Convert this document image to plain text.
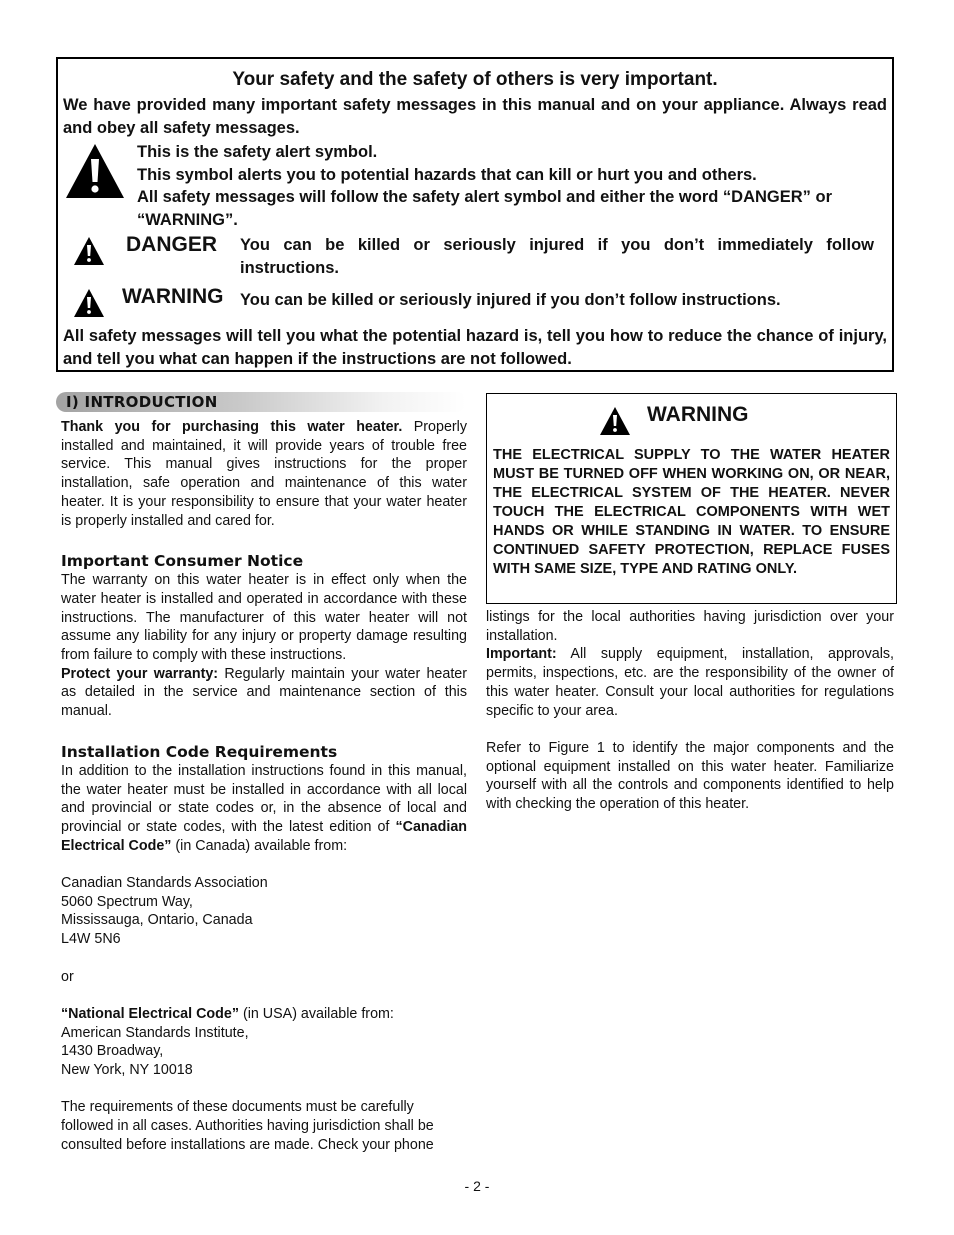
Your safety and the safety of others is very important.
We have provided many important safety messages in this manual and on your appliance. Always read and obey all safety messages.
This is the safety alert symbol.
This symbol alerts you to potential hazards that can kill or hurt you and others.
All safety messages will follow the safety alert symbol and either the word “DANGER” or “WARNING”.
DANGER You can be killed or seriously injured if you don’t immediately follow instructions.
WARNING You can be killed or seriously injured if you don’t follow instructions.
All safety messages will tell you what the potential hazard is, tell you how to reduce the chance of injury, and tell you what can happen if the instructions are not followed.
I) INTRODUCTION

Thank you for purchasing this water heater. Properly installed and maintained, it will provide years of trouble free service. This manual gives instructions for the proper installation, safe operation and maintenance of this water heater. It is your responsibility to ensure that your water heater is properly installed and cared for.

Important Consumer Notice

The warranty on this water heater is in effect only when the water heater is installed and operated in accordance with these instructions. The manufacturer of this water heater will not assume any liability for any injury or property damage resulting from failure to comply with these instructions.

Protect your warranty: Regularly maintain your water heater as detailed in the service and maintenance section of this manual.

Installation Code Requirements

In addition to the installation instructions found in this manual, the water heater must be installed in accordance with all local and provincial or state codes or, in the absence of local and provincial or state codes, with the latest edition of “Canadian Electrical Code” (in Canada) available from:

Canadian Standards Association

5060 Spectrum Way,

Mississauga, Ontario, Canada

L4W 5N6

or

“National Electrical Code” (in USA) available from:

American Standards Institute,

1430 Broadway,

New York, NY 10018

The requirements of these documents must be carefully followed in all cases. Authorities having jurisdiction shall be consulted before installations are made. Check your phone

WARNING
THE ELECTRICAL SUPPLY TO THE WATER HEATER MUST BE TURNED OFF WHEN WORKING ON, OR NEAR, THE ELECTRICAL SYSTEM OF THE HEATER. NEVER TOUCH THE ELECTRICAL COMPONENTS WITH WET HANDS OR WHILE STANDING IN WATER. TO ENSURE CONTINUED SAFETY PROTECTION, REPLACE FUSES WITH SAME SIZE, TYPE AND RATING ONLY.

listings for the local authorities having jurisdiction over your installation.

Important: All supply equipment, installation, approvals, permits, inspections, etc. are the responsibility of the owner of this water heater. Consult your local authorities for regulations specific to your area.

Refer to Figure 1 to identify the major components and the optional equipment installed on this water heater. Familiarize yourself with all the controls and components identified to help with checking the operation of this heater.

- 2 -
